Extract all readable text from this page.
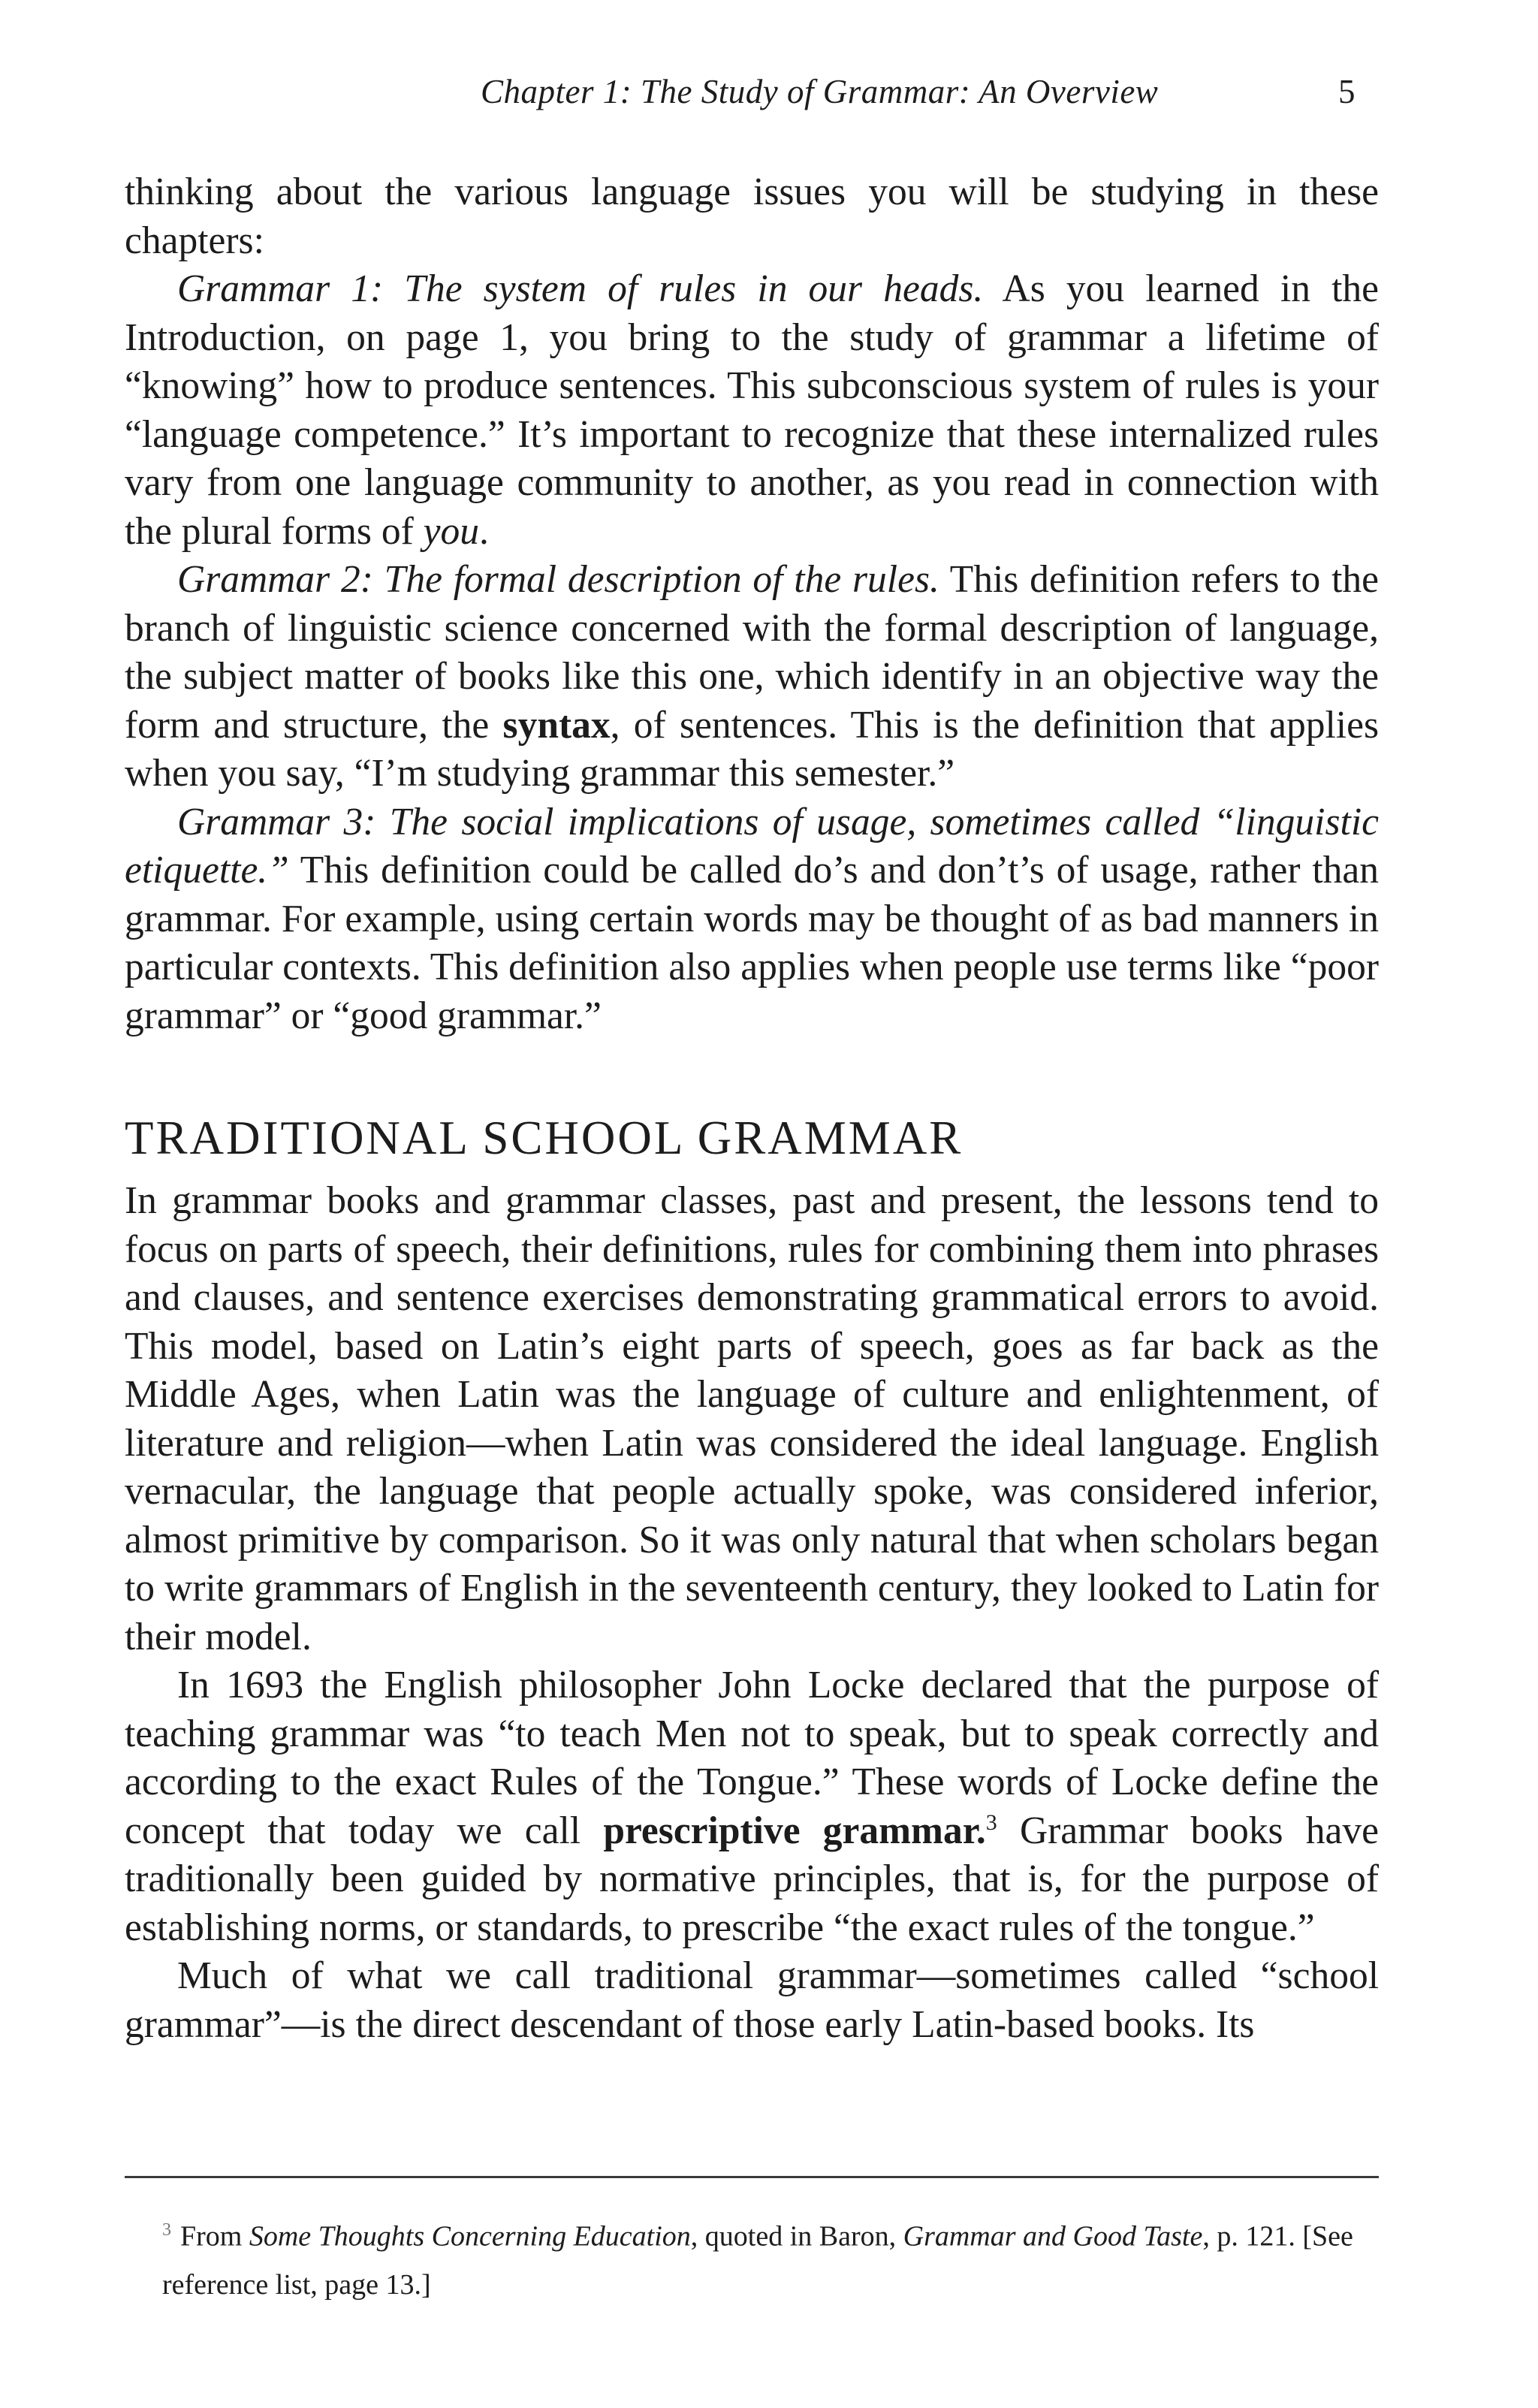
Chapter 1: The Study of Grammar: An Overview	5

thinking about the various language issues you will be studying in these chapters:

Grammar 1: The system of rules in our heads. As you learned in the Introduction, on page 1, you bring to the study of grammar a lifetime of “knowing” how to produce sentences. This subconscious system of rules is your “language competence.” It’s important to recognize that these internalized rules vary from one language community to another, as you read in connection with the plural forms of you.

Grammar 2: The formal description of the rules. This definition refers to the branch of linguistic science concerned with the formal description of language, the subject matter of books like this one, which identify in an objective way the form and structure, the syntax, of sentences. This is the definition that applies when you say, “I’m studying grammar this semester.”

Grammar 3: The social implications of usage, sometimes called “linguistic etiquette.” This definition could be called do’s and don’t’s of usage, rather than grammar. For example, using certain words may be thought of as bad manners in particular contexts. This definition also applies when people use terms like “poor grammar” or “good grammar.”

TRADITIONAL SCHOOL GRAMMAR

In grammar books and grammar classes, past and present, the lessons tend to focus on parts of speech, their definitions, rules for combining them into phrases and clauses, and sentence exercises demonstrating grammatical errors to avoid. This model, based on Latin’s eight parts of speech, goes as far back as the Middle Ages, when Latin was the language of culture and enlightenment, of literature and religion—when Latin was considered the ideal language. English vernacular, the language that people actually spoke, was considered inferior, almost primitive by comparison. So it was only natural that when scholars began to write grammars of English in the seventeenth century, they looked to Latin for their model.

In 1693 the English philosopher John Locke declared that the purpose of teaching grammar was “to teach Men not to speak, but to speak correctly and according to the exact Rules of the Tongue.” These words of Locke define the concept that today we call prescriptive grammar.$^3$ Grammar books have traditionally been guided by normative principles, that is, for the purpose of establishing norms, or standards, to prescribe “the exact rules of the tongue.”

Much of what we call traditional grammar—sometimes called “school grammar”—is the direct descendant of those early Latin-based books. Its

$^3$ From Some Thoughts Concerning Education, quoted in Baron, Grammar and Good Taste, p. 121. [See reference list, page 13.]
